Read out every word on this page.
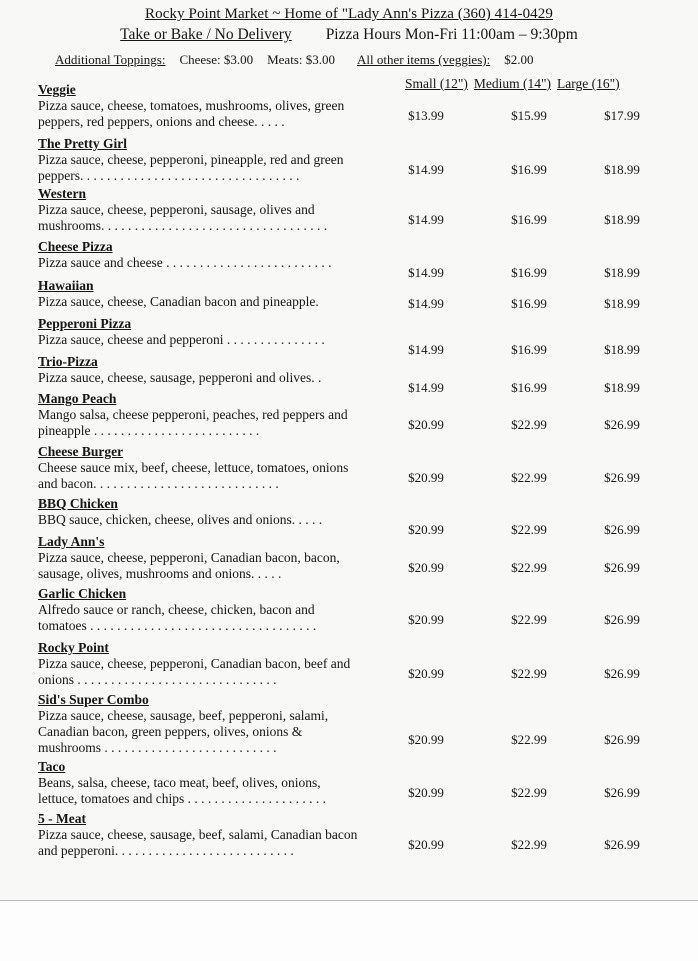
Rocky Point Market ~ Home of "Lady Ann's Pizza (360) 414-0429
Take or Bake / No Delivery Pizza Hours Mon-Fri 11:00am – 9:30pm
Additional Toppings: Cheese: $3.00 Meats: $3.00 All other items (veggies): $2.00
Small (12") Medium (14") Large (16")
Veggie
Pizza sauce, cheese, tomatoes, mushrooms, olives, green peppers, red peppers, onions and cheese. . . . .	$13.99	$15.99	$17.99
The Pretty Girl
Pizza sauce, cheese, pepperoni, pineapple, red and green peppers. . . . . . . . . . . . . . . . . . . . . . . . . . . . . . . . .	$14.99	$16.99	$18.99
Western
Pizza sauce, cheese, pepperoni, sausage, olives and mushrooms. . . . . . . . . . . . . . . . . . . . . . . . . . . . . . . . . .	$14.99	$16.99	$18.99
Cheese Pizza
Pizza sauce and cheese . . . . . . . . . . . . . . . . . . . . . . . . .
$14.99	$16.99	$18.99
Hawaiian
Pizza sauce, cheese, Canadian bacon and pineapple.	$14.99	$16.99	$18.99
Pepperoni Pizza
Pizza sauce, cheese and pepperoni . . . . . . . . . . . . . . .
$14.99	$16.99	$18.99
Trio-Pizza
Pizza sauce, cheese, sausage, pepperoni and olives. .
$14.99	$16.99	$18.99
Mango Peach
Mango salsa, cheese pepperoni, peaches, red peppers and pineapple . . . . . . . . . . . . . . . . . . . . . . . . .	$20.99	$22.99	$26.99
Cheese Burger
Cheese sauce mix, beef, cheese, lettuce, tomatoes, onions and bacon. . . . . . . . . . . . . . . . . . . . . . . . . . . .	$20.99	$22.99	$26.99
BBQ Chicken
BBQ sauce, chicken, cheese, olives and onions. . . . .
$20.99	$22.99	$26.99
Lady Ann's
Pizza sauce, cheese, pepperoni, Canadian bacon, bacon, sausage, olives, mushrooms and onions. . . . .	$20.99	$22.99	$26.99
Garlic Chicken
Alfredo sauce or ranch, cheese, chicken, bacon and tomatoes . . . . . . . . . . . . . . . . . . . . . . . . . . . . . . . . . .	$20.99	$22.99	$26.99
Rocky Point
Pizza sauce, cheese, pepperoni, Canadian bacon, beef and onions . . . . . . . . . . . . . . . . . . . . . . . . . . . . . .	$20.99	$22.99	$26.99
Sid's Super Combo
Pizza sauce, cheese, sausage, beef, pepperoni, salami, Canadian bacon, green peppers, olives, onions & mushrooms . . . . . . . . . . . . . . . . . . . . . . . . . .
$20.99	$22.99	$26.99
Taco
Beans, salsa, cheese, taco meat, beef, olives, onions, lettuce, tomatoes and chips . . . . . . . . . . . . . . . . . . . . .	$20.99	$22.99	$26.99
5 - Meat
Pizza sauce, cheese, sausage, beef, salami, Canadian bacon and pepperoni. . . . . . . . . . . . . . . . . . . . . . . . . . .	$20.99	$22.99	$26.99
